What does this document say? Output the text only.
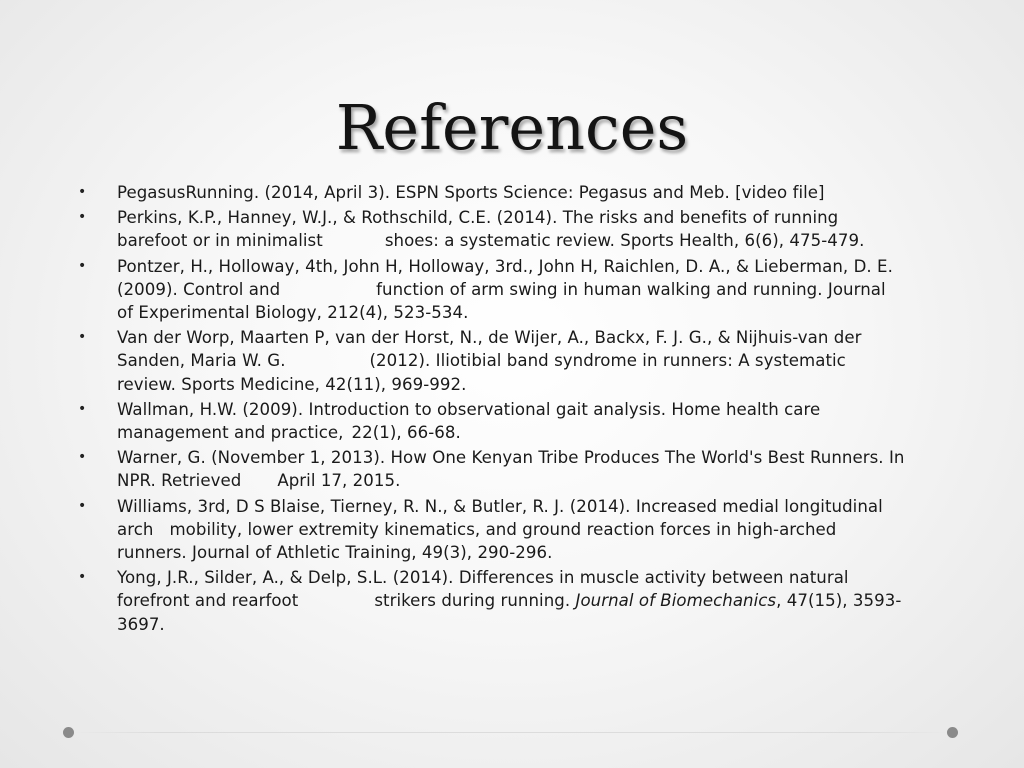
References
• PegasusRunning. (2014, April 3). ESPN Sports Science: Pegasus and Meb. [video file]
• Perkins, K.P., Hanney, W.J., & Rothschild, C.E. (2014). The risks and benefits of running
barefoot or in minimalist	shoes: a systematic review. Sports Health, 6(6), 475-479.
• Pontzer, H., Holloway, 4th, John H, Holloway, 3rd., John H, Raichlen, D. A., & Lieberman, D. E.
(2009). Control and	function of arm swing in human walking and running. Journal
of Experimental Biology, 212(4), 523-534.
• Van der Worp, Maarten P, van der Horst, N., de Wijer, A., Backx, F. J. G., & Nijhuis-van der
Sanden, Maria W. G.	(2012). Iliotibial band syndrome in runners: A systematic
review. Sports Medicine, 42(11), 969-992.
• Wallman, H.W. (2009). Introduction to observational gait analysis. Home health care
management and practice, 22(1), 66-68.
• Warner, G. (November 1, 2013). How One Kenyan Tribe Produces The World's Best Runners. In
NPR. Retrieved April 17, 2015.
• Williams, 3rd, D S Blaise, Tierney, R. N., & Butler, R. J. (2014). Increased medial longitudinal
arch mobility, lower extremity kinematics, and ground reaction forces in high-arched
runners. Journal of Athletic Training, 49(3), 290-296.
• Yong, J.R., Silder, A., & Delp, S.L. (2014). Differences in muscle activity between natural
forefront and rearfoot	strikers during running. Journal of Biomechanics, 47(15), 3593-
3697.
